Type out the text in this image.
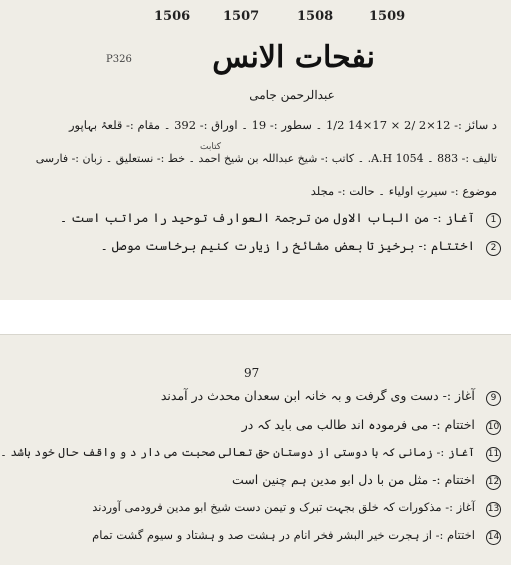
1506	1507	1508	1509
P326	نفحات الانس
عبدالرحمن جامی
د سائز :- 12×2 /2 × 17×14 1/2 ۔ سطور :- 19 ۔ اوراق :- 392 ۔ مقام :- قلعۂ بہاپور
کتابت
تالیف :- 883 ۔ 1054 A.H. ۔ کاتب :- شیخ عبداللہ بن شیخ احمد ۔ خط :- نستعلیق ۔ زبان :- فارسی
موضوع :- سیرتِ اولیاء ۔ حالت :- مجلد
1 آغاز :- من الباب الاول من ترجمۃ العوارف توحید را مراتب است ۔
2 اختتام :- برخیز تا بعض مشائخ را زیارت کنیم برخاست موصل ۔
97
9 آغاز :- دست وی گرفت و بہ خانہ ابن سعدان محدث در آمدند
10 اختتام :- می فرمودہ اند طالب می باید کہ در
11 آغاز :- زمانی کہ با دوستی از دوستان حق تعالی صحبت می دار د و واقف حال خود باشد ۔
12 اختتام :- مثل من با دل ابو مدین ہم چنین است
13 آغاز :- مذکورات کہ خلق بجہت تبرک و تیمن دست شیخ ابو مدین فرودمی آوردند
14 اختتام :- از ہجرت خیر البشر فخر انام در ہشت صد و ہشتاد و سیوم گشت تمام
